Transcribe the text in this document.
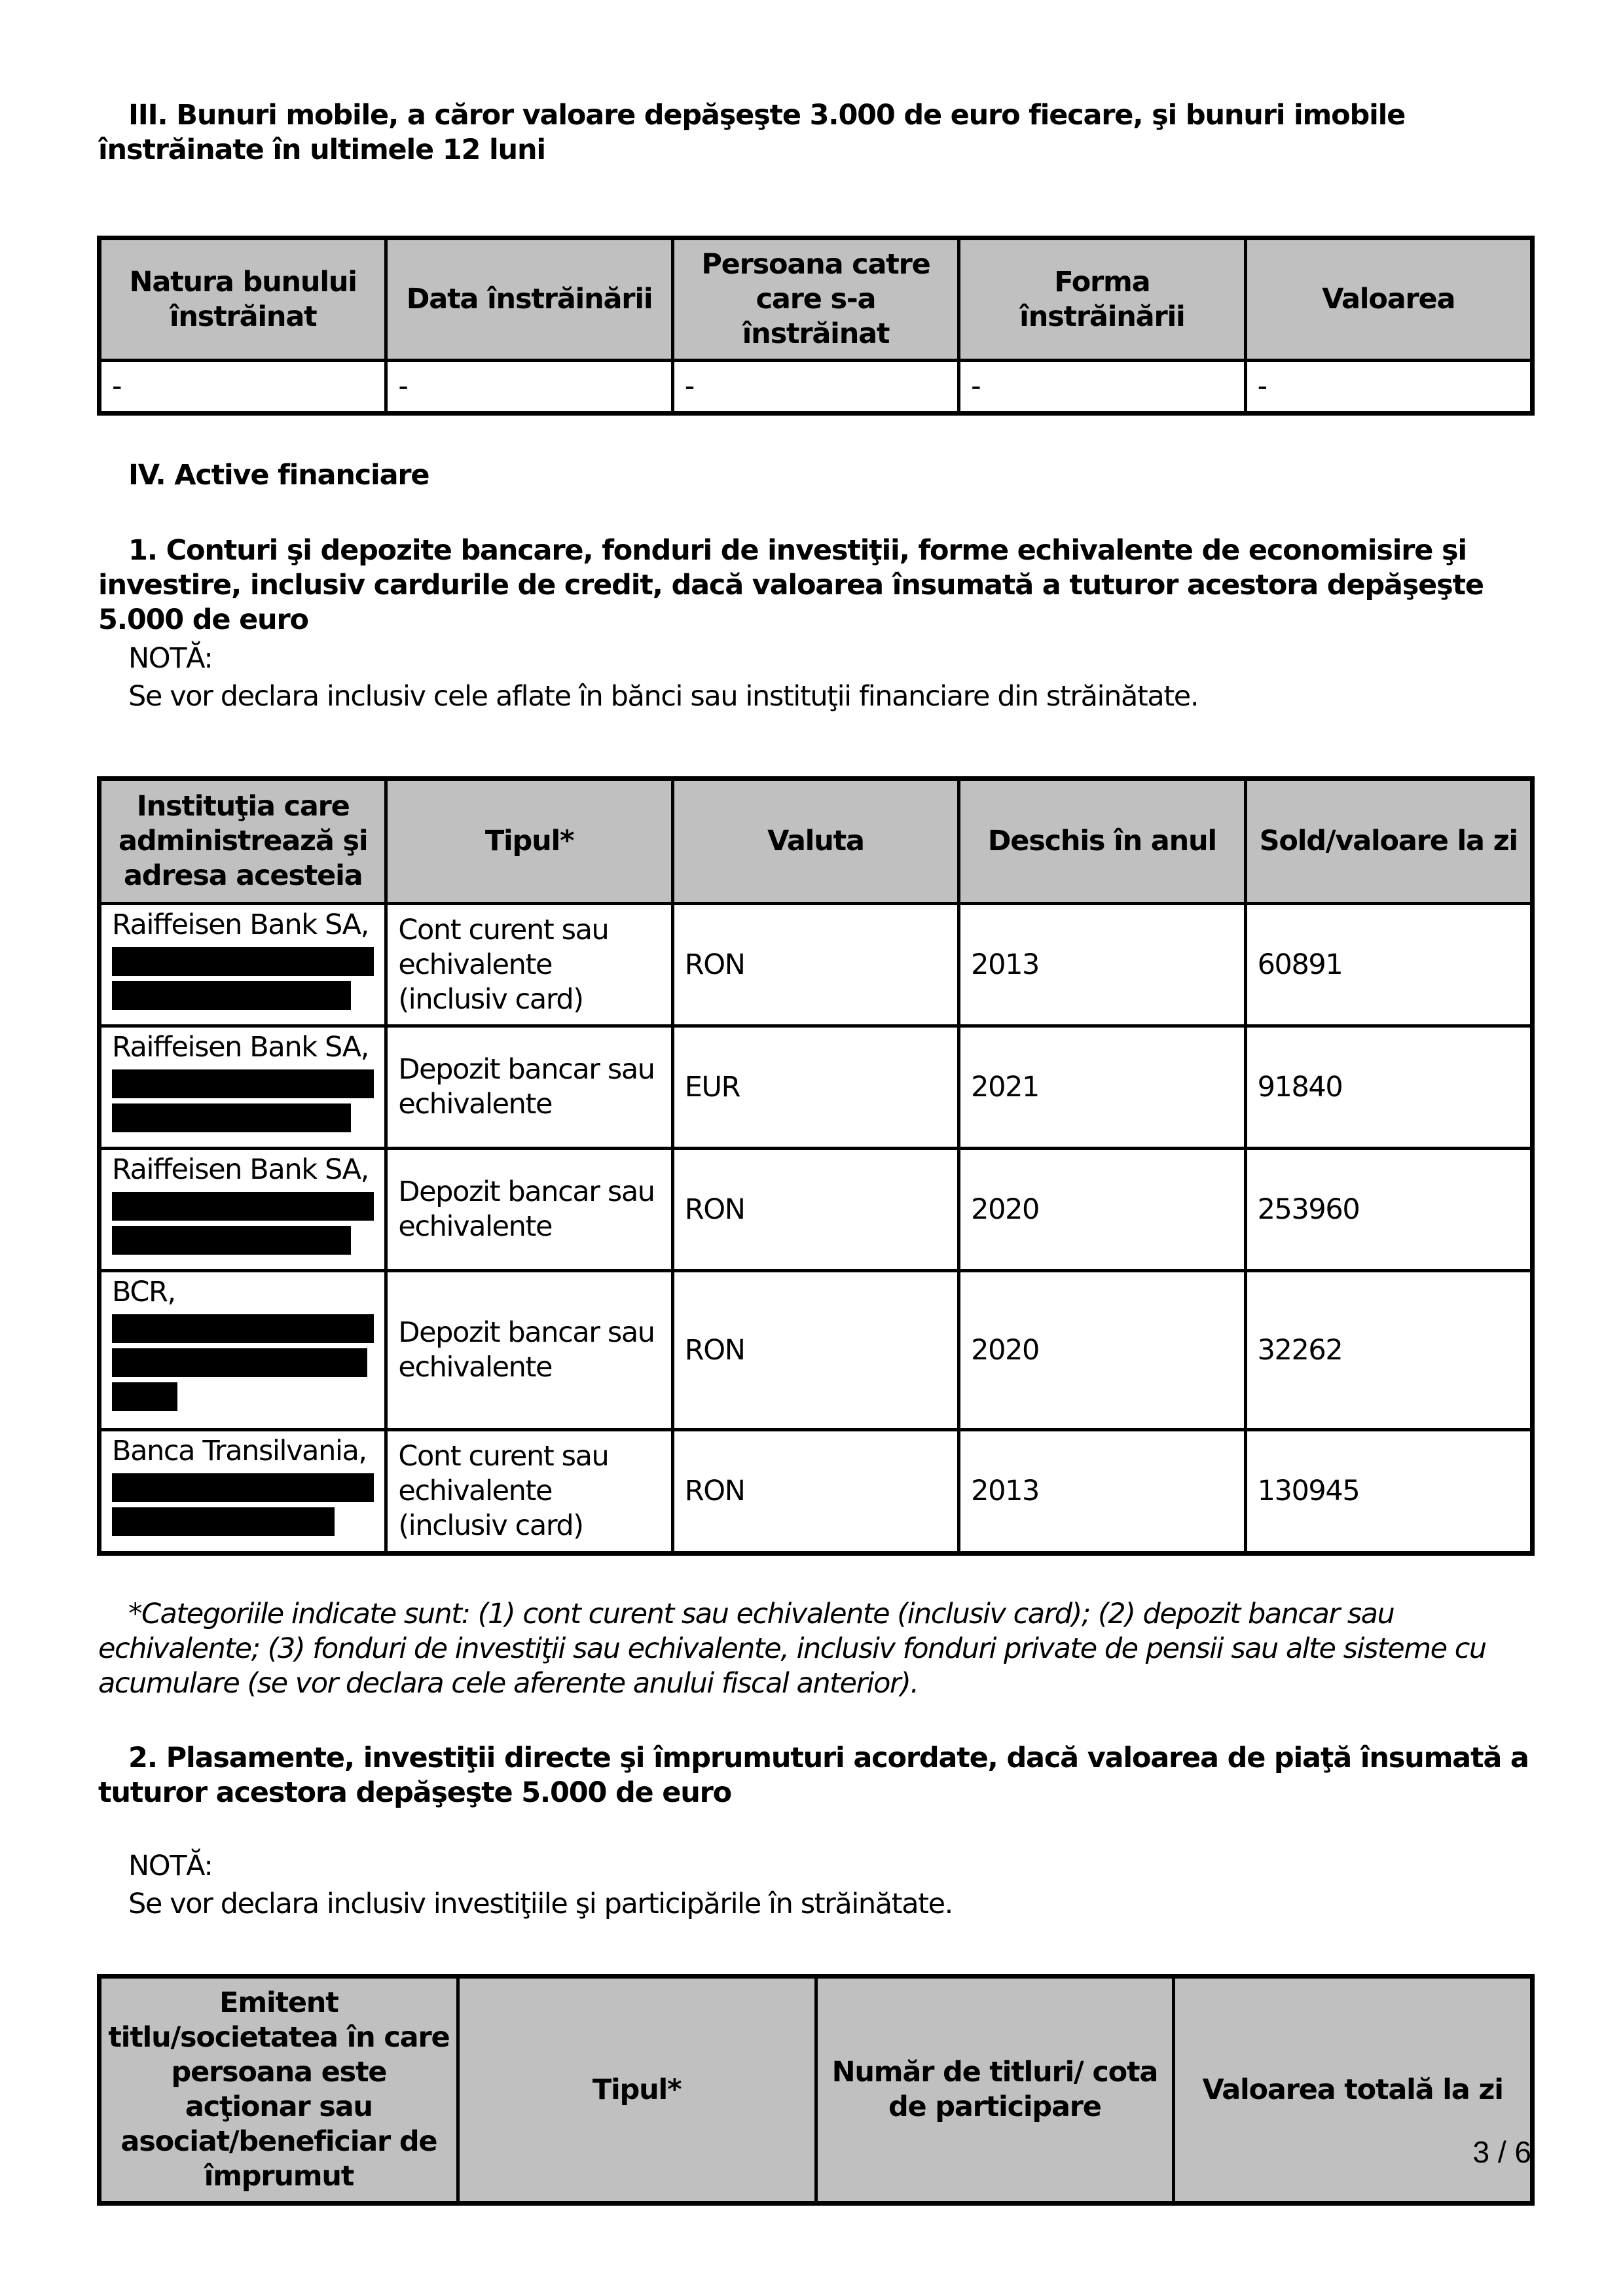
III. Bunuri mobile, a căror valoare depăşeşte 3.000 de euro fiecare, şi bunuri imobile înstrăinate în ultimele 12 luni
Natura bunului înstrăinat	Data înstrăinării	Persoana catre care s-a înstrăinat	Forma înstrăinării	Valoarea
-	-	-	-	-
IV. Active financiare
1. Conturi şi depozite bancare, fonduri de investiţii, forme echivalente de economisire şi investire, inclusiv cardurile de credit, dacă valoarea însumată a tuturor acestora depăşeşte 5.000 de euro
NOTĂ:
Se vor declara inclusiv cele aflate în bănci sau instituţii financiare din străinătate.
Instituţia care administrează şi adresa acesteia	Tipul*	Valuta	Deschis în anul	Sold/valoare la zi
Raiffeisen Bank SA,	Cont curent sau echivalente (inclusiv card)	RON	2013	60891
Raiffeisen Bank SA,	Depozit bancar sau echivalente	EUR	2021	91840
Raiffeisen Bank SA,	Depozit bancar sau echivalente	RON	2020	253960
BCR,	Depozit bancar sau echivalente	RON	2020	32262
Banca Transilvania,	Cont curent sau echivalente (inclusiv card)	RON	2013	130945
*Categoriile indicate sunt: (1) cont curent sau echivalente (inclusiv card); (2) depozit bancar sau echivalente; (3) fonduri de investiţii sau echivalente, inclusiv fonduri private de pensii sau alte sisteme cu acumulare (se vor declara cele aferente anului fiscal anterior).
2. Plasamente, investiţii directe şi împrumuturi acordate, dacă valoarea de piaţă însumată a tuturor acestora depăşeşte 5.000 de euro
NOTĂ:
Se vor declara inclusiv investiţiile şi participările în străinătate.
Emitent titlu/societatea în care persoana este acţionar sau asociat/beneficiar de împrumut	Tipul*	Număr de titluri/ cota de participare	Valoarea totală la zi
3 / 6
